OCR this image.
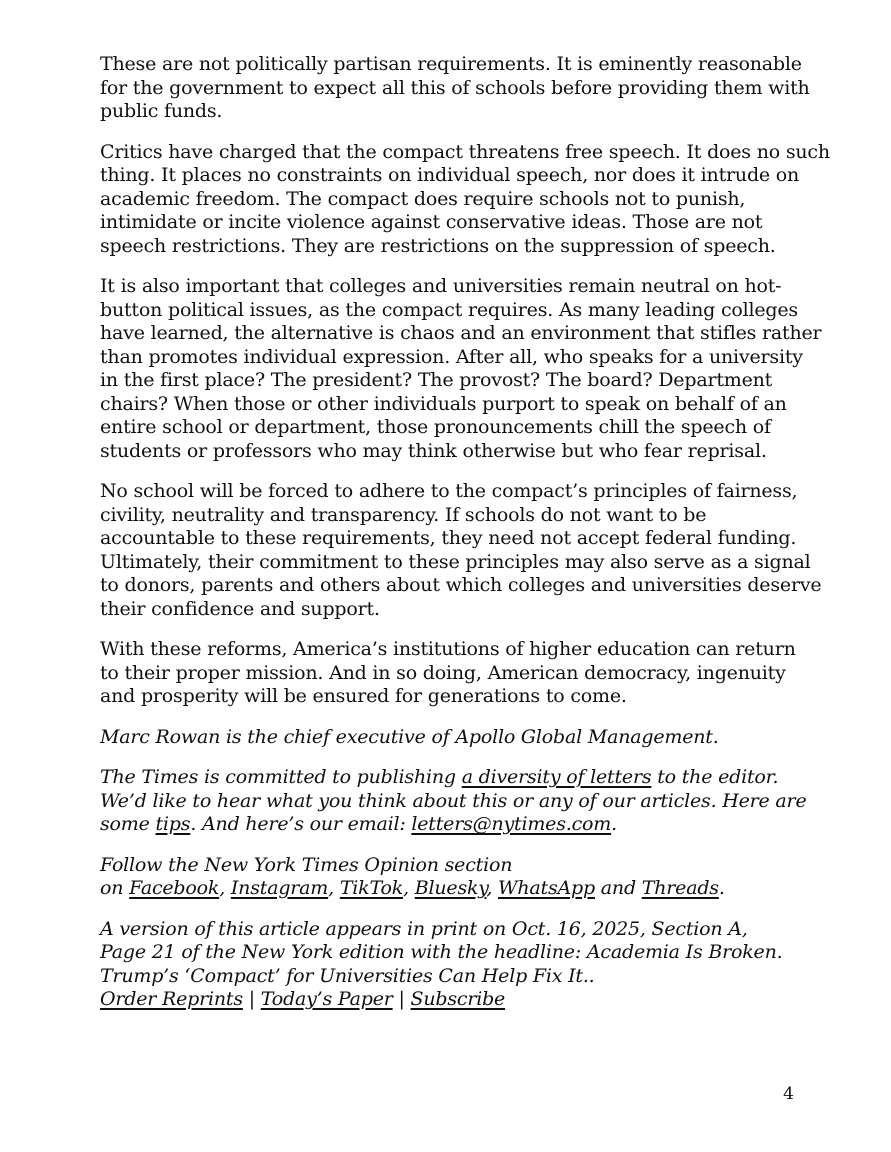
These are not politically partisan requirements. It is eminently reasonable
for the government to expect all this of schools before providing them with
public funds.

Critics have charged that the compact threatens free speech. It does no such
thing. It places no constraints on individual speech, nor does it intrude on
academic freedom. The compact does require schools not to punish,
intimidate or incite violence against conservative ideas. Those are not
speech restrictions. They are restrictions on the suppression of speech.

It is also important that colleges and universities remain neutral on hot-
button political issues, as the compact requires. As many leading colleges
have learned, the alternative is chaos and an environment that stifles rather
than promotes individual expression. After all, who speaks for a university
in the first place? The president? The provost? The board? Department
chairs? When those or other individuals purport to speak on behalf of an
entire school or department, those pronouncements chill the speech of
students or professors who may think otherwise but who fear reprisal.

No school will be forced to adhere to the compact’s principles of fairness,
civility, neutrality and transparency. If schools do not want to be
accountable to these requirements, they need not accept federal funding.
Ultimately, their commitment to these principles may also serve as a signal
to donors, parents and others about which colleges and universities deserve
their confidence and support.

With these reforms, America’s institutions of higher education can return
to their proper mission. And in so doing, American democracy, ingenuity
and prosperity will be ensured for generations to come.

Marc Rowan is the chief executive of Apollo Global Management.

The Times is committed to publishing a diversity of letters to the editor.
We’d like to hear what you think about this or any of our articles. Here are
some tips. And here’s our email: letters@nytimes.com.

Follow the New York Times Opinion section
on Facebook, Instagram, TikTok, Bluesky, WhatsApp and Threads.

A version of this article appears in print on Oct. 16, 2025, Section A,
Page 21 of the New York edition with the headline: Academia Is Broken.
Trump’s ‘Compact’ for Universities Can Help Fix It..
Order Reprints | Today’s Paper | Subscribe

4
